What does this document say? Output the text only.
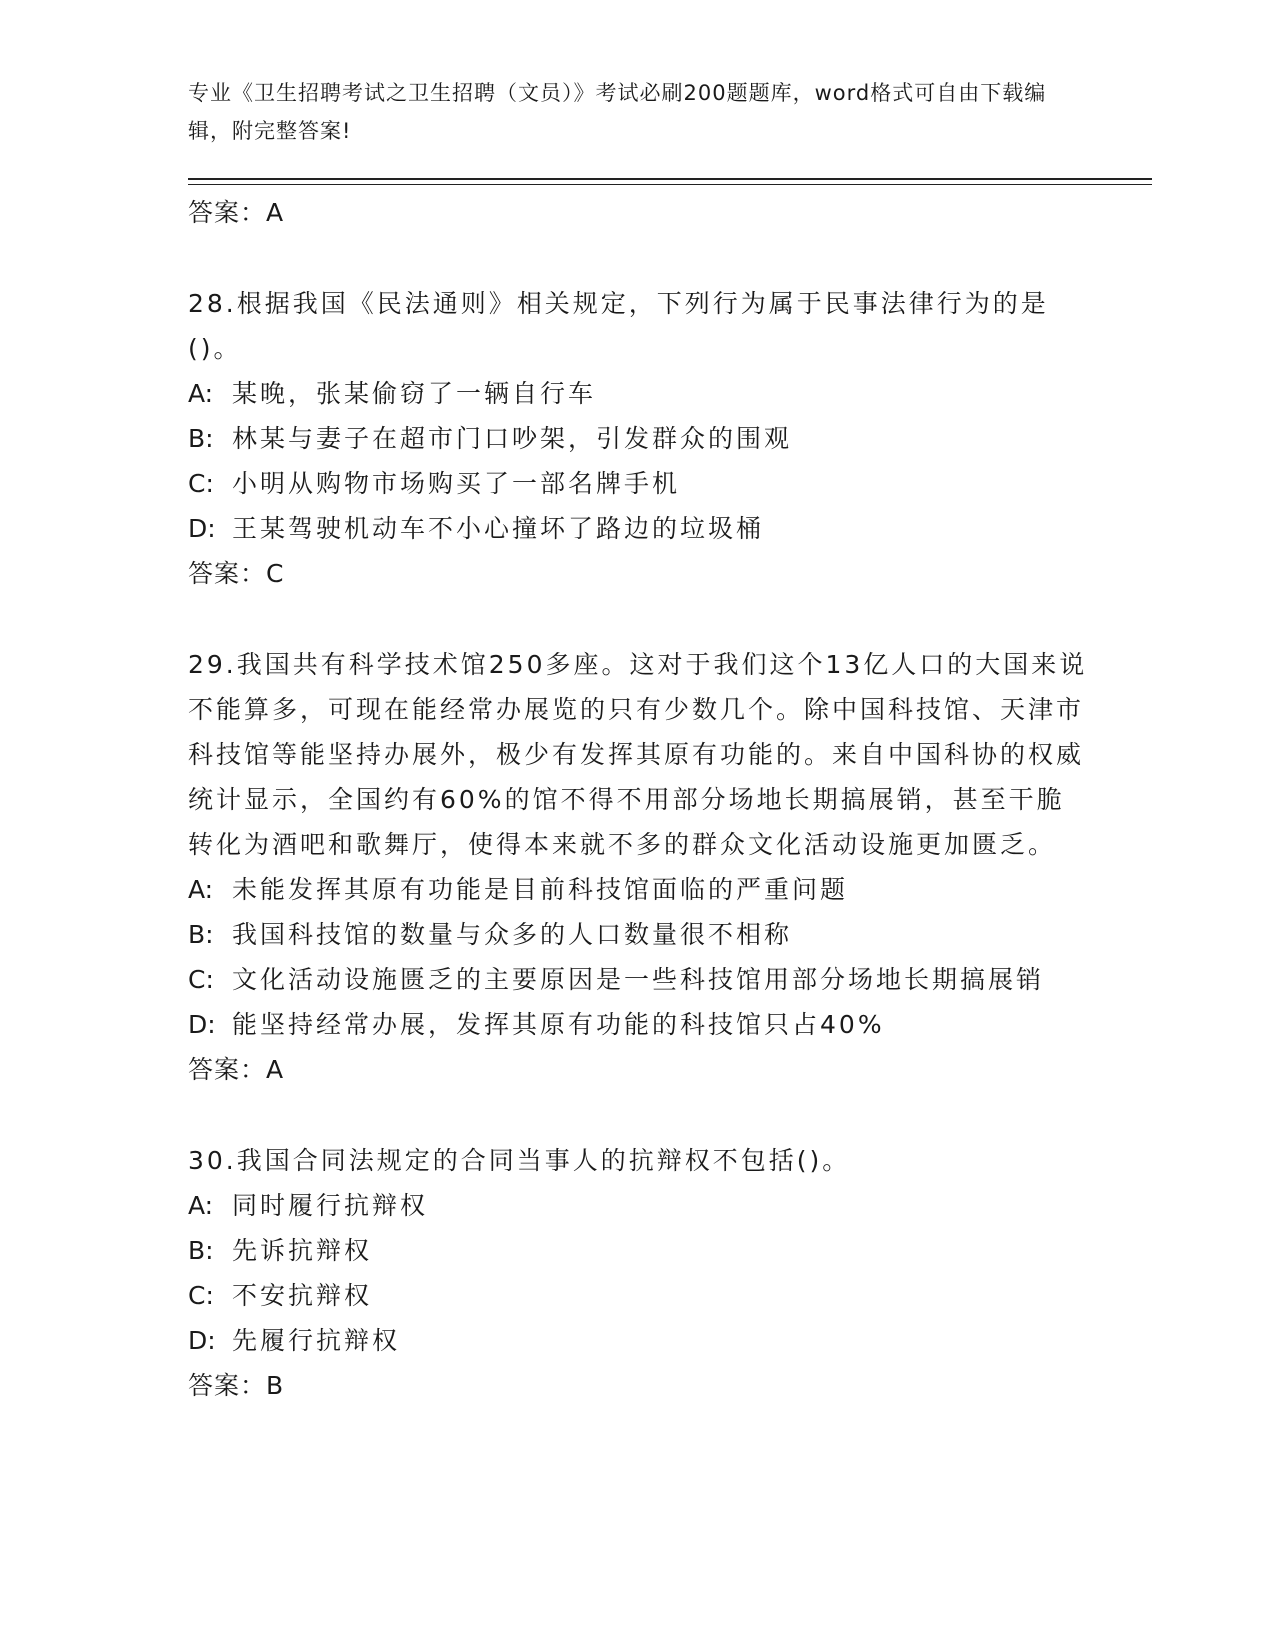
专业《卫生招聘考试之卫生招聘（文员）》考试必刷200题题库，word格式可自由下载编辑，附完整答案!
答案：A
28.根据我国《民法通则》相关规定，下列行为属于民事法律行为的是()。
A: 某晚，张某偷窃了一辆自行车
B: 林某与妻子在超市门口吵架，引发群众的围观
C: 小明从购物市场购买了一部名牌手机
D: 王某驾驶机动车不小心撞坏了路边的垃圾桶
答案：C
29.我国共有科学技术馆250多座。这对于我们这个13亿人口的大国来说不能算多，可现在能经常办展览的只有少数几个。除中国科技馆、天津市科技馆等能坚持办展外，极少有发挥其原有功能的。来自中国科协的权威统计显示，全国约有60%的馆不得不用部分场地长期搞展销，甚至干脆转化为酒吧和歌舞厅，使得本来就不多的群众文化活动设施更加匮乏。
A: 未能发挥其原有功能是目前科技馆面临的严重问题
B: 我国科技馆的数量与众多的人口数量很不相称
C: 文化活动设施匮乏的主要原因是一些科技馆用部分场地长期搞展销
D: 能坚持经常办展，发挥其原有功能的科技馆只占40%
答案：A
30.我国合同法规定的合同当事人的抗辩权不包括()。
A: 同时履行抗辩权
B: 先诉抗辩权
C: 不安抗辩权
D: 先履行抗辩权
答案：B
